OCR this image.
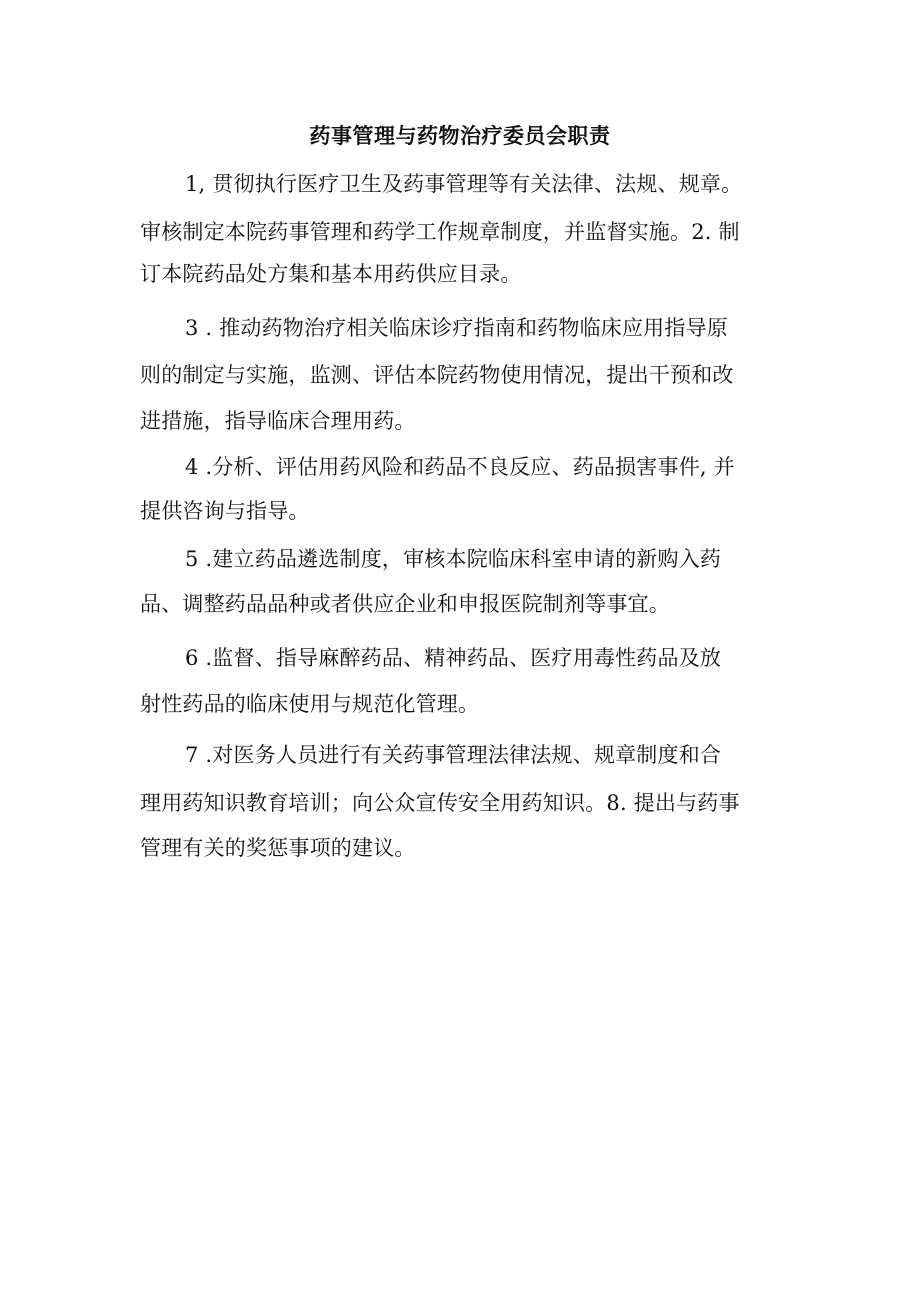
药事管理与药物治疗委员会职责
1, 贯彻执行医疗卫生及药事管理等有关法律、法规、规章。
审核制定本院药事管理和药学工作规章制度，并监督实施。2. 制
订本院药品处方集和基本用药供应目录。
3 . 推动药物治疗相关临床诊疗指南和药物临床应用指导原
则的制定与实施，监测、评估本院药物使用情况，提出干预和改
进措施，指导临床合理用药。
4 .分析、评估用药风险和药品不良反应、药品损害事件, 并
提供咨询与指导。
5 .建立药品遴选制度，审核本院临床科室申请的新购入药
品、调整药品品种或者供应企业和申报医院制剂等事宜。
6 .监督、指导麻醉药品、精神药品、医疗用毒性药品及放
射性药品的临床使用与规范化管理。
7 .对医务人员进行有关药事管理法律法规、规章制度和合
理用药知识教育培训；向公众宣传安全用药知识。8. 提出与药事
管理有关的奖惩事项的建议。
